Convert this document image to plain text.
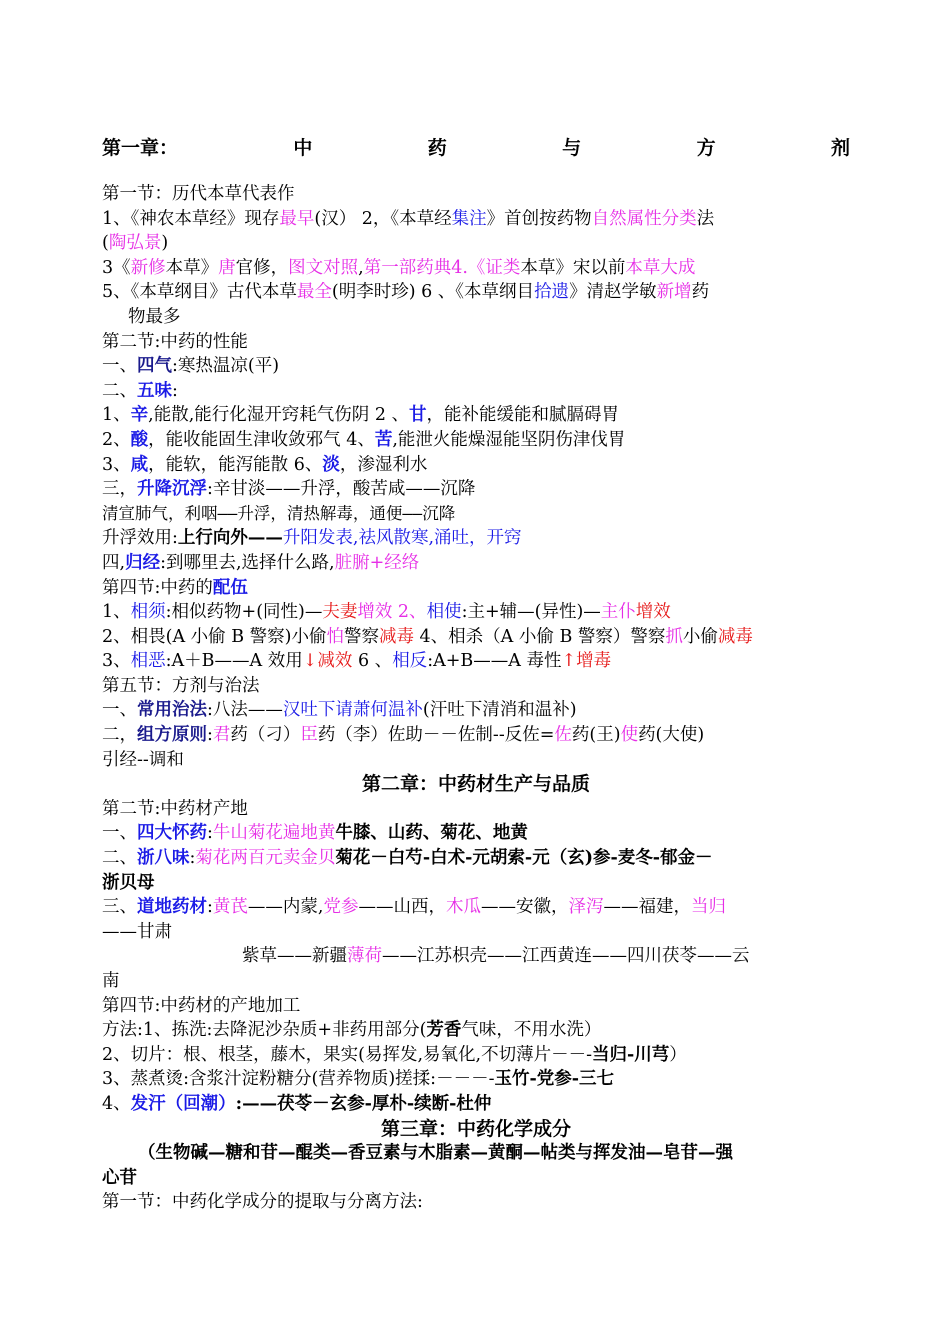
第一章：	中	药	与	方	剂
第一节：历代本草代表作
1、《神农本草经》现存最早(汉） 2，《本草经集注》首创按药物自然属性分类法
(陶弘景)
3《新修本草》唐官修，图文对照,第一部药典4.《证类本草》宋以前本草大成
5、《本草纲目》古代本草最全(明李时珍) 6 、《本草纲目拾遗》清赵学敏新增药
物最多
第二节:中药的性能
一、四气:寒热温凉(平)
二、五味:
1、辛,能散,能行化湿开窍耗气伤阴 2 、甘，能补能缓能和腻膈碍胃
2、酸，能收能固生津收敛邪气 4、苦,能泄火能燥湿能坚阴伤津伐胃
3、咸，能软，能泻能散 6、淡，渗湿利水
三，升降沉浮:辛甘淡——升浮，酸苦咸——沉降
清宣肺气，利咽——升浮，清热解毒，通便——沉降
升浮效用:上行向外——升阳发表,祛风散寒,涌吐，开窍
四,归经:到哪里去,选择什么路,脏腑+经络
第四节:中药的配伍
1、相须:相似药物+(同性)—夫妻增效 2、相使:主+辅—(异性)—主仆增效
2、相畏(A 小偷 B 警察)小偷怕警察减毒 4、相杀（A 小偷 B 警察）警察抓小偷减毒
3、相恶:A＋B——A 效用↓减效 6 、相反:A+B——A 毒性↑增毒
第五节：方剂与治法
一、常用治法:八法——汉吐下请萧何温补(汗吐下清消和温补)
二，组方原则:君药（刁）臣药（李）佐助－－佐制--反佐=佐药(王)使药(大使)
引经--调和
第二章：中药材生产与品质
第二节:中药材产地
一、四大怀药:牛山菊花遍地黄牛膝、山药、菊花、地黄
二、浙八味:菊花两百元卖金贝菊花－白芍-白术-元胡索-元（玄)参-麦冬-郁金－
浙贝母
三、道地药材:黄芪——内蒙,党参——山西，木瓜——安徽，泽泻——福建，当归
——甘肃
紫草——新疆薄荷——江苏枳壳——江西黄连——四川茯苓——云
南
第四节:中药材的产地加工
方法:1、拣洗:去降泥沙杂质+非药用部分(芳香气味，不用水洗）
2、切片：根、根茎，藤木，果实(易挥发,易氧化,不切薄片－－-当归-川芎）
3、蒸煮烫:含浆汁淀粉糖分(营养物质)搓揉:－－－-玉竹-党参-三七
4、发汗（回潮）:——茯苓－玄参-厚朴-续断-杜仲
第三章：中药化学成分
（生物碱—糖和苷—醌类—香豆素与木脂素—黄酮—帖类与挥发油—皂苷—强
心苷
第一节：中药化学成分的提取与分离方法:
